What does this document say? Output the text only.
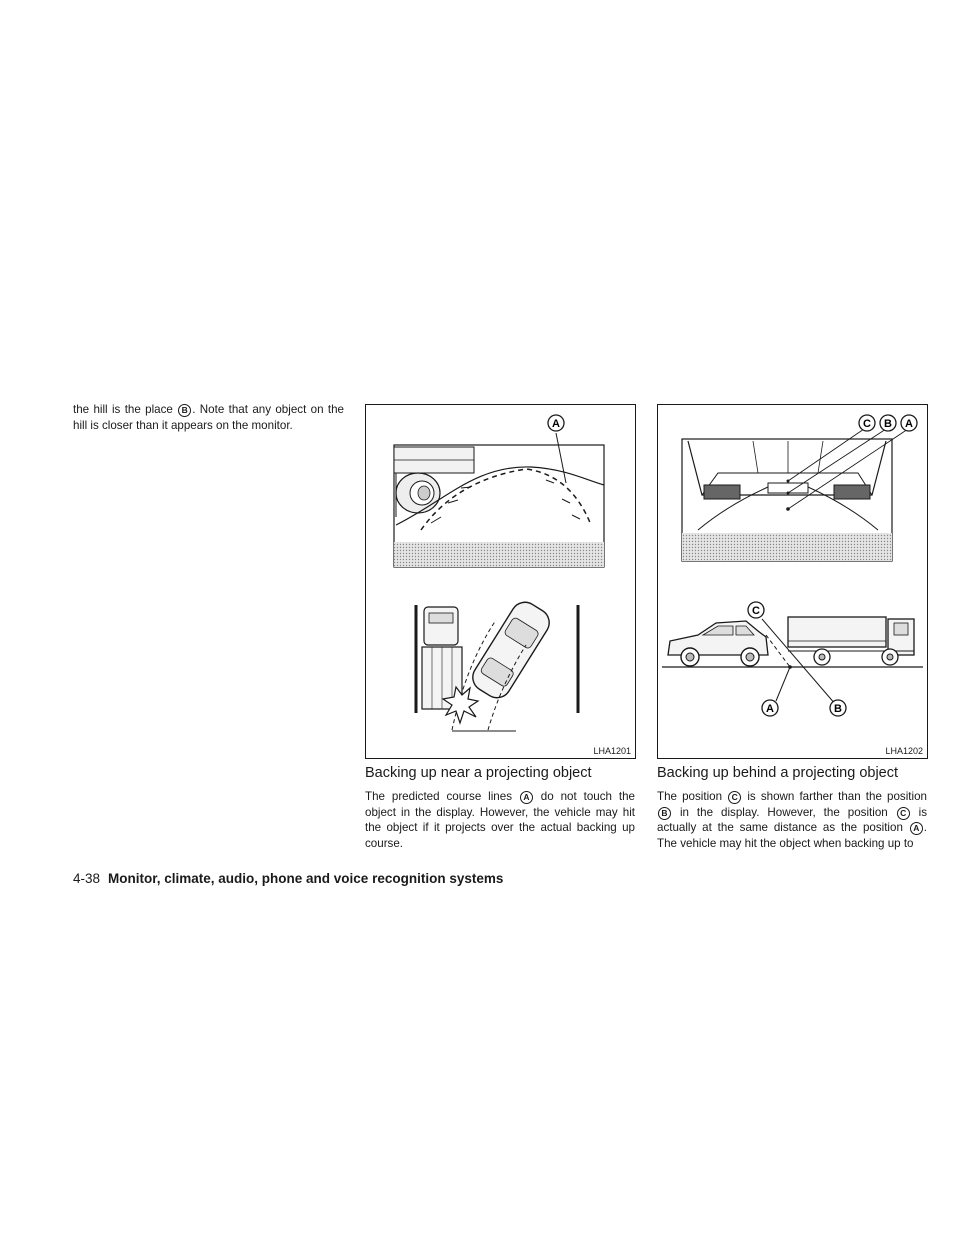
the hill is the place B . Note that any object on the hill is closer than it appears on the monitor.	A
LHA1201
C B A
C
A	B
LHA1202
Backing up near a projecting object
The predicted course lines A do not touch the object in the display. However, the vehicle may hit the object if it projects over the actual backing up course.
Backing up behind a projecting object
The position C is shown farther than the position B in the display. However, the position C is actually at the same distance as the position A . The vehicle may hit the object when backing up to
4-38 Monitor, climate, audio, phone and voice recognition systems
